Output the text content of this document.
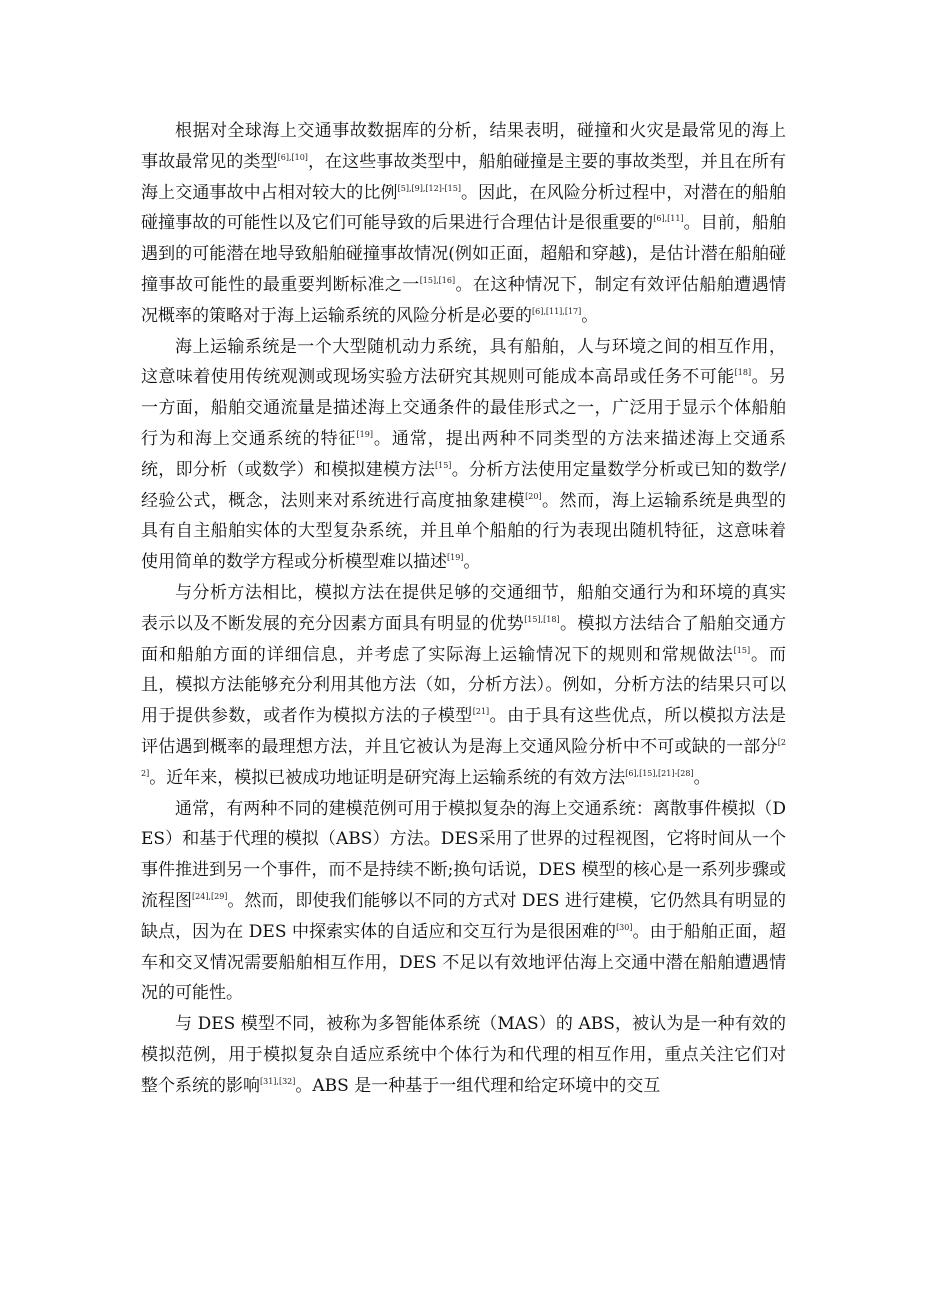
根据对全球海上交通事故数据库的分析，结果表明，碰撞和火灾是最常见的海上事故最常见的类型[6],[10]，在这些事故类型中，船舶碰撞是主要的事故类型，并且在所有海上交通事故中占相对较大的比例[5],[9],[12]-[15]。因此，在风险分析过程中，对潜在的船舶碰撞事故的可能性以及它们可能导致的后果进行合理估计是很重要的[6],[11]。目前，船舶遇到的可能潜在地导致船舶碰撞事故情况(例如正面，超船和穿越)，是估计潜在船舶碰撞事故可能性的最重要判断标准之一[15],[16]。在这种情况下，制定有效评估船舶遭遇情况概率的策略对于海上运输系统的风险分析是必要的[6],[11],[17]。

海上运输系统是一个大型随机动力系统，具有船舶，人与环境之间的相互作用，这意味着使用传统观测或现场实验方法研究其规则可能成本高昂或任务不可能[18]。另一方面，船舶交通流量是描述海上交通条件的最佳形式之一，广泛用于显示个体船舶行为和海上交通系统的特征[19]。通常，提出两种不同类型的方法来描述海上交通系统，即分析（或数学）和模拟建模方法[15]。分析方法使用定量数学分析或已知的数学/经验公式，概念，法则来对系统进行高度抽象建模[20]。然而，海上运输系统是典型的具有自主船舶实体的大型复杂系统，并且单个船舶的行为表现出随机特征，这意味着使用简单的数学方程或分析模型难以描述[19]。

与分析方法相比，模拟方法在提供足够的交通细节，船舶交通行为和环境的真实表示以及不断发展的充分因素方面具有明显的优势[15],[18]。模拟方法结合了船舶交通方面和船舶方面的详细信息，并考虑了实际海上运输情况下的规则和常规做法[15]。而且，模拟方法能够充分利用其他方法（如，分析方法）。例如，分析方法的结果只可以用于提供参数，或者作为模拟方法的子模型[21]。由于具有这些优点，所以模拟方法是评估遇到概率的最理想方法，并且它被认为是海上交通风险分析中不可或缺的一部分[22]。近年来，模拟已被成功地证明是研究海上运输系统的有效方法[6],[15],[21]-[28]。

通常，有两种不同的建模范例可用于模拟复杂的海上交通系统：离散事件模拟（DES）和基于代理的模拟（ABS）方法。DES采用了世界的过程视图，它将时间从一个事件推进到另一个事件，而不是持续不断;换句话说，DES 模型的核心是一系列步骤或流程图[24],[29]。然而，即使我们能够以不同的方式对 DES 进行建模，它仍然具有明显的缺点，因为在 DES 中探索实体的自适应和交互行为是很困难的[30]。由于船舶正面，超车和交叉情况需要船舶相互作用，DES 不足以有效地评估海上交通中潜在船舶遭遇情况的可能性。

与 DES 模型不同，被称为多智能体系统（MAS）的 ABS，被认为是一种有效的模拟范例，用于模拟复杂自适应系统中个体行为和代理的相互作用，重点关注它们对整个系统的影响[31],[32]。ABS 是一种基于一组代理和给定环境中的交互
